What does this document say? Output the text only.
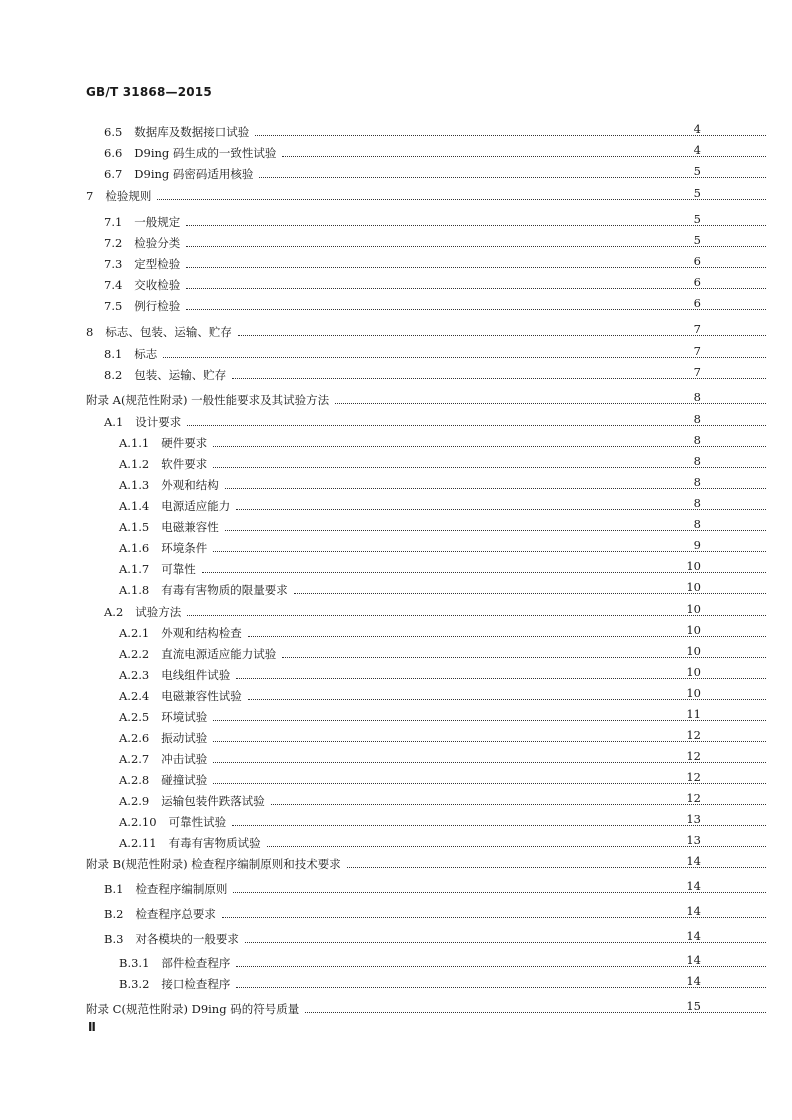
GB/T 31868—2015
6.5 数据库及数据接口试验	4
6.6 D9ing 码生成的一致性试验	4
6.7 D9ing 码密码适用核验	5
7 检验规则	5
7.1 一般规定	5
7.2 检验分类	5
7.3 定型检验	6
7.4 交收检验	6
7.5 例行检验	6
8 标志、包装、运输、贮存	7
8.1 标志	7
8.2 包装、运输、贮存	7
附录 A (规范性附录) 一般性能要求及其试验方法	8
A.1 设计要求	8
A.1.1 硬件要求	8
A.1.2 软件要求	8
A.1.3 外观和结构	8
A.1.4 电源适应能力	8
A.1.5 电磁兼容性	8
A.1.6 环境条件	9
A.1.7 可靠性	10
A.1.8 有毒有害物质的限量要求	10
A.2 试验方法	10
A.2.1 外观和结构检查	10
A.2.2 直流电源适应能力试验	10
A.2.3 电线组件试验	10
A.2.4 电磁兼容性试验	10
A.2.5 环境试验	11
A.2.6 振动试验	12
A.2.7 冲击试验	12
A.2.8 碰撞试验	12
A.2.9 运输包装件跌落试验	12
A.2.10 可靠性试验	13
A.2.11 有毒有害物质试验	13
附录 B (规范性附录) 检查程序编制原则和技术要求	14
B.1 检查程序编制原则	14
B.2 检查程序总要求	14
B.3 对各模块的一般要求	14
B.3.1 部件检查程序	14
B.3.2 接口检查程序	14
附录 C (规范性附录) D9ing 码的符号质量	15
Ⅱ
